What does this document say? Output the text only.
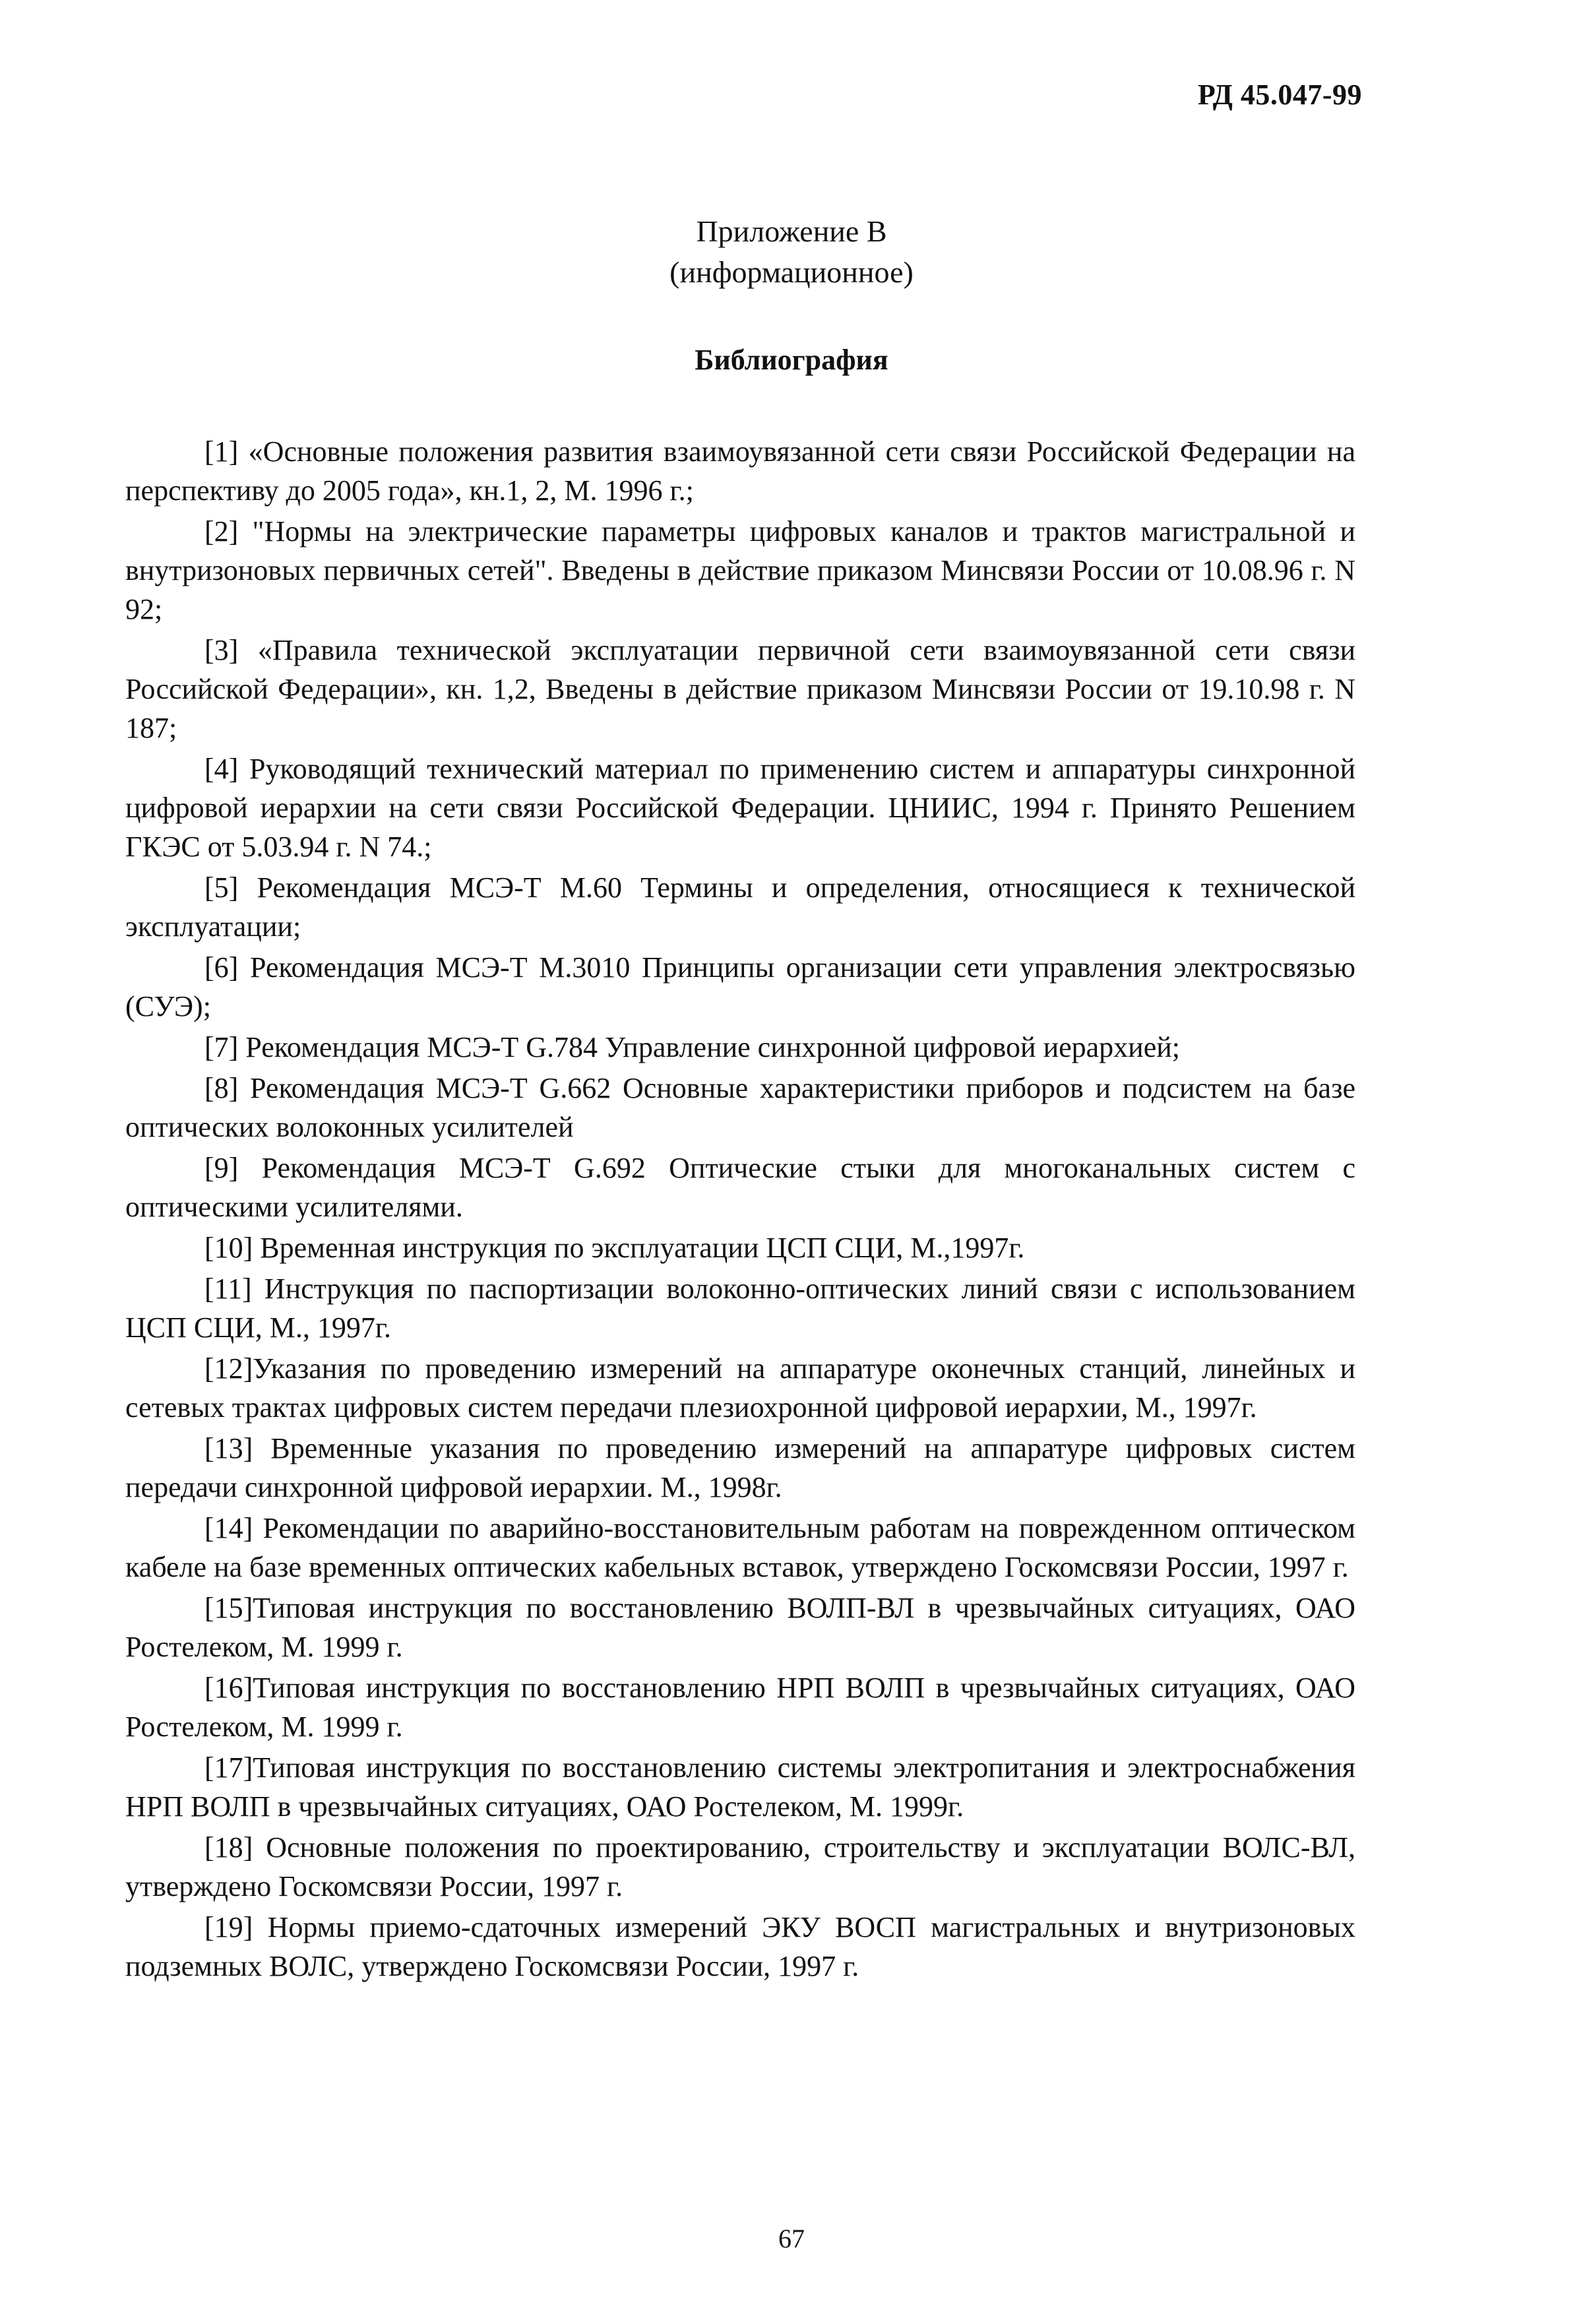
РД 45.047-99
Приложение В
(информационное)
Библиография

[1] «Основные положения развития взаимоувязанной сети связи Российской Федерации на перспективу до 2005 года», кн.1, 2, М. 1996 г.;

[2] "Нормы на электрические параметры цифровых каналов и трактов магистральной и внутризоновых первичных сетей". Введены в действие приказом Минсвязи России от 10.08.96 г. N 92;

[3] «Правила технической эксплуатации первичной сети взаимоувязанной сети связи Российской Федерации», кн. 1,2, Введены в действие приказом Минсвязи России от 19.10.98 г. N 187;

[4] Руководящий технический материал по применению систем и аппаратуры синхронной цифровой иерархии на сети связи Российской Федерации. ЦНИИС, 1994 г. Принято Решением ГКЭС от 5.03.94 г. N 74.;

[5] Рекомендация МСЭ-Т М.60 Термины и определения, относящиеся к технической эксплуатации;

[6] Рекомендация МСЭ-Т М.3010 Принципы организации сети управления электросвязью (СУЭ);

[7] Рекомендация МСЭ-Т G.784 Управление синхронной цифровой иерархией;

[8] Рекомендация МСЭ-Т G.662 Основные характеристики приборов и подсистем на базе оптических волоконных усилителей

[9] Рекомендация МСЭ-Т G.692 Оптические стыки для многоканальных систем с оптическими усилителями.

[10] Временная инструкция по эксплуатации ЦСП СЦИ, М.,1997г.

[11] Инструкция по паспортизации волоконно-оптических линий связи с использованием ЦСП СЦИ, М., 1997г.

[12]Указания по проведению измерений на аппаратуре оконечных станций, линейных и сетевых трактах цифровых систем передачи плезиохронной цифровой иерархии, М., 1997г.

[13] Временные указания по проведению измерений на аппаратуре цифровых систем передачи синхронной цифровой иерархии. М., 1998г.

[14] Рекомендации по аварийно-восстановительным работам на поврежденном оптическом кабеле на базе временных оптических кабельных вставок, утверждено Госкомсвязи России, 1997 г.

[15]Типовая инструкция по восстановлению ВОЛП-ВЛ в чрезвычайных ситуациях, ОАО Ростелеком, М. 1999 г.

[16]Типовая инструкция по восстановлению НРП ВОЛП в чрезвычайных ситуациях, ОАО Ростелеком, М. 1999 г.

[17]Типовая инструкция по восстановлению системы электропитания и электроснабжения НРП ВОЛП в чрезвычайных ситуациях, ОАО Ростелеком, М. 1999г.

[18] Основные положения по проектированию, строительству и эксплуатации ВОЛС-ВЛ, утверждено Госкомсвязи России, 1997 г.

[19] Нормы приемо-сдаточных измерений ЭКУ ВОСП магистральных и внутризоновых подземных ВОЛС, утверждено Госкомсвязи России, 1997 г.

67
